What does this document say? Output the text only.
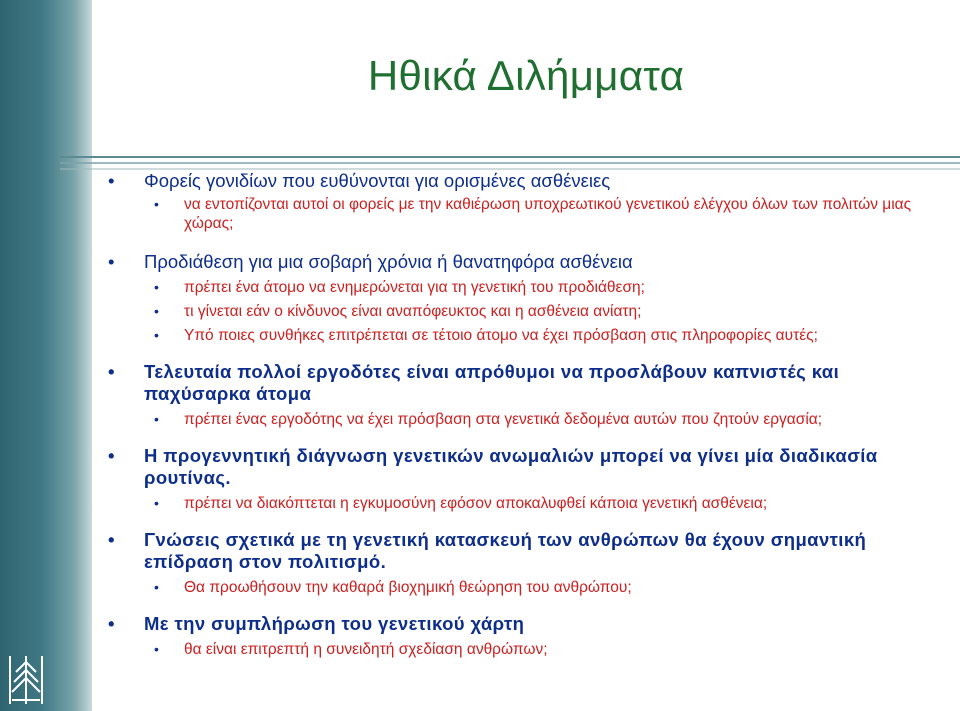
Ηθικά Διλήμματα

• Φορείς γονιδίων που ευθύνονται για ορισμένες ασθένειες

• να εντοπίζονται αυτοί οι φορείς με την καθιέρωση υποχρεωτικού γενετικού ελέγχου όλων των πολιτών μιας χώρας;

• Προδιάθεση για μια σοβαρή χρόνια ή θανατηφόρα ασθένεια

• πρέπει ένα άτομο να ενημερώνεται για τη γενετική του προδιάθεση;

• τι γίνεται εάν ο κίνδυνος είναι αναπόφευκτος και η ασθένεια ανίατη;

• Υπό ποιες συνθήκες επιτρέπεται σε τέτοιο άτομο να έχει πρόσβαση στις πληροφορίες αυτές;

• Τελευταία πολλοί εργοδότες είναι απρόθυμοι να προσλάβουν καπνιστές και παχύσαρκα άτομα

• πρέπει ένας εργοδότης να έχει πρόσβαση στα γενετικά δεδομένα αυτών που ζητούν εργασία;

• Η προγεννητική διάγνωση γενετικών ανωμαλιών μπορεί να γίνει μία διαδικασία ρουτίνας.

• πρέπει να διακόπτεται η εγκυμοσύνη εφόσον αποκαλυφθεί κάποια γενετική ασθένεια;

• Γνώσεις σχετικά με τη γενετική κατασκευή των ανθρώπων θα έχουν σημαντική επίδραση στον πολιτισμό.

• Θα προωθήσουν την καθαρά βιοχημική θεώρηση του ανθρώπου;

• Με την συμπλήρωση του γενετικού χάρτη

• θα είναι επιτρεπτή η συνειδητή σχεδίαση ανθρώπων;
